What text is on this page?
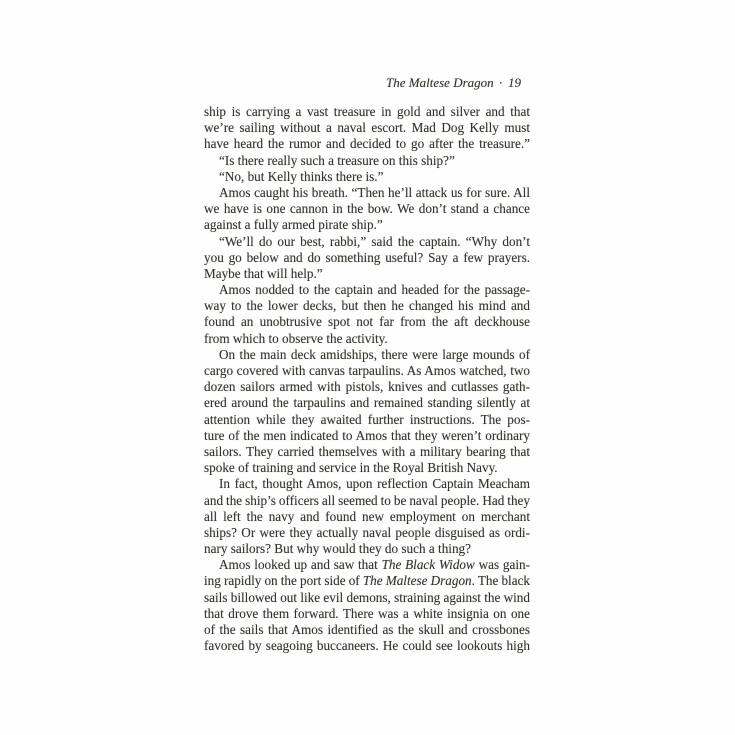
The Maltese Dragon · 19
ship is carrying a vast treasure in gold and silver and that
we’re sailing without a naval escort. Mad Dog Kelly must
have heard the rumor and decided to go after the treasure.”
“Is there really such a treasure on this ship?”
“No, but Kelly thinks there is.”
Amos caught his breath. “Then he’ll attack us for sure. All
we have is one cannon in the bow. We don’t stand a chance
against a fully armed pirate ship.”
“We’ll do our best, rabbi,” said the captain. “Why don’t
you go below and do something useful? Say a few prayers.
Maybe that will help.”
Amos nodded to the captain and headed for the passage-
way to the lower decks, but then he changed his mind and
found an unobtrusive spot not far from the aft deckhouse
from which to observe the activity.
On the main deck amidships, there were large mounds of
cargo covered with canvas tarpaulins. As Amos watched, two
dozen sailors armed with pistols, knives and cutlasses gath-
ered around the tarpaulins and remained standing silently at
attention while they awaited further instructions. The pos-
ture of the men indicated to Amos that they weren’t ordinary
sailors. They carried themselves with a military bearing that
spoke of training and service in the Royal British Navy.
In fact, thought Amos, upon reflection Captain Meacham
and the ship’s officers all seemed to be naval people. Had they
all left the navy and found new employment on merchant
ships? Or were they actually naval people disguised as ordi-
nary sailors? But why would they do such a thing?
Amos looked up and saw that The Black Widow was gain-
ing rapidly on the port side of The Maltese Dragon. The black
sails billowed out like evil demons, straining against the wind
that drove them forward. There was a white insignia on one
of the sails that Amos identified as the skull and crossbones
favored by seagoing buccaneers. He could see lookouts high
